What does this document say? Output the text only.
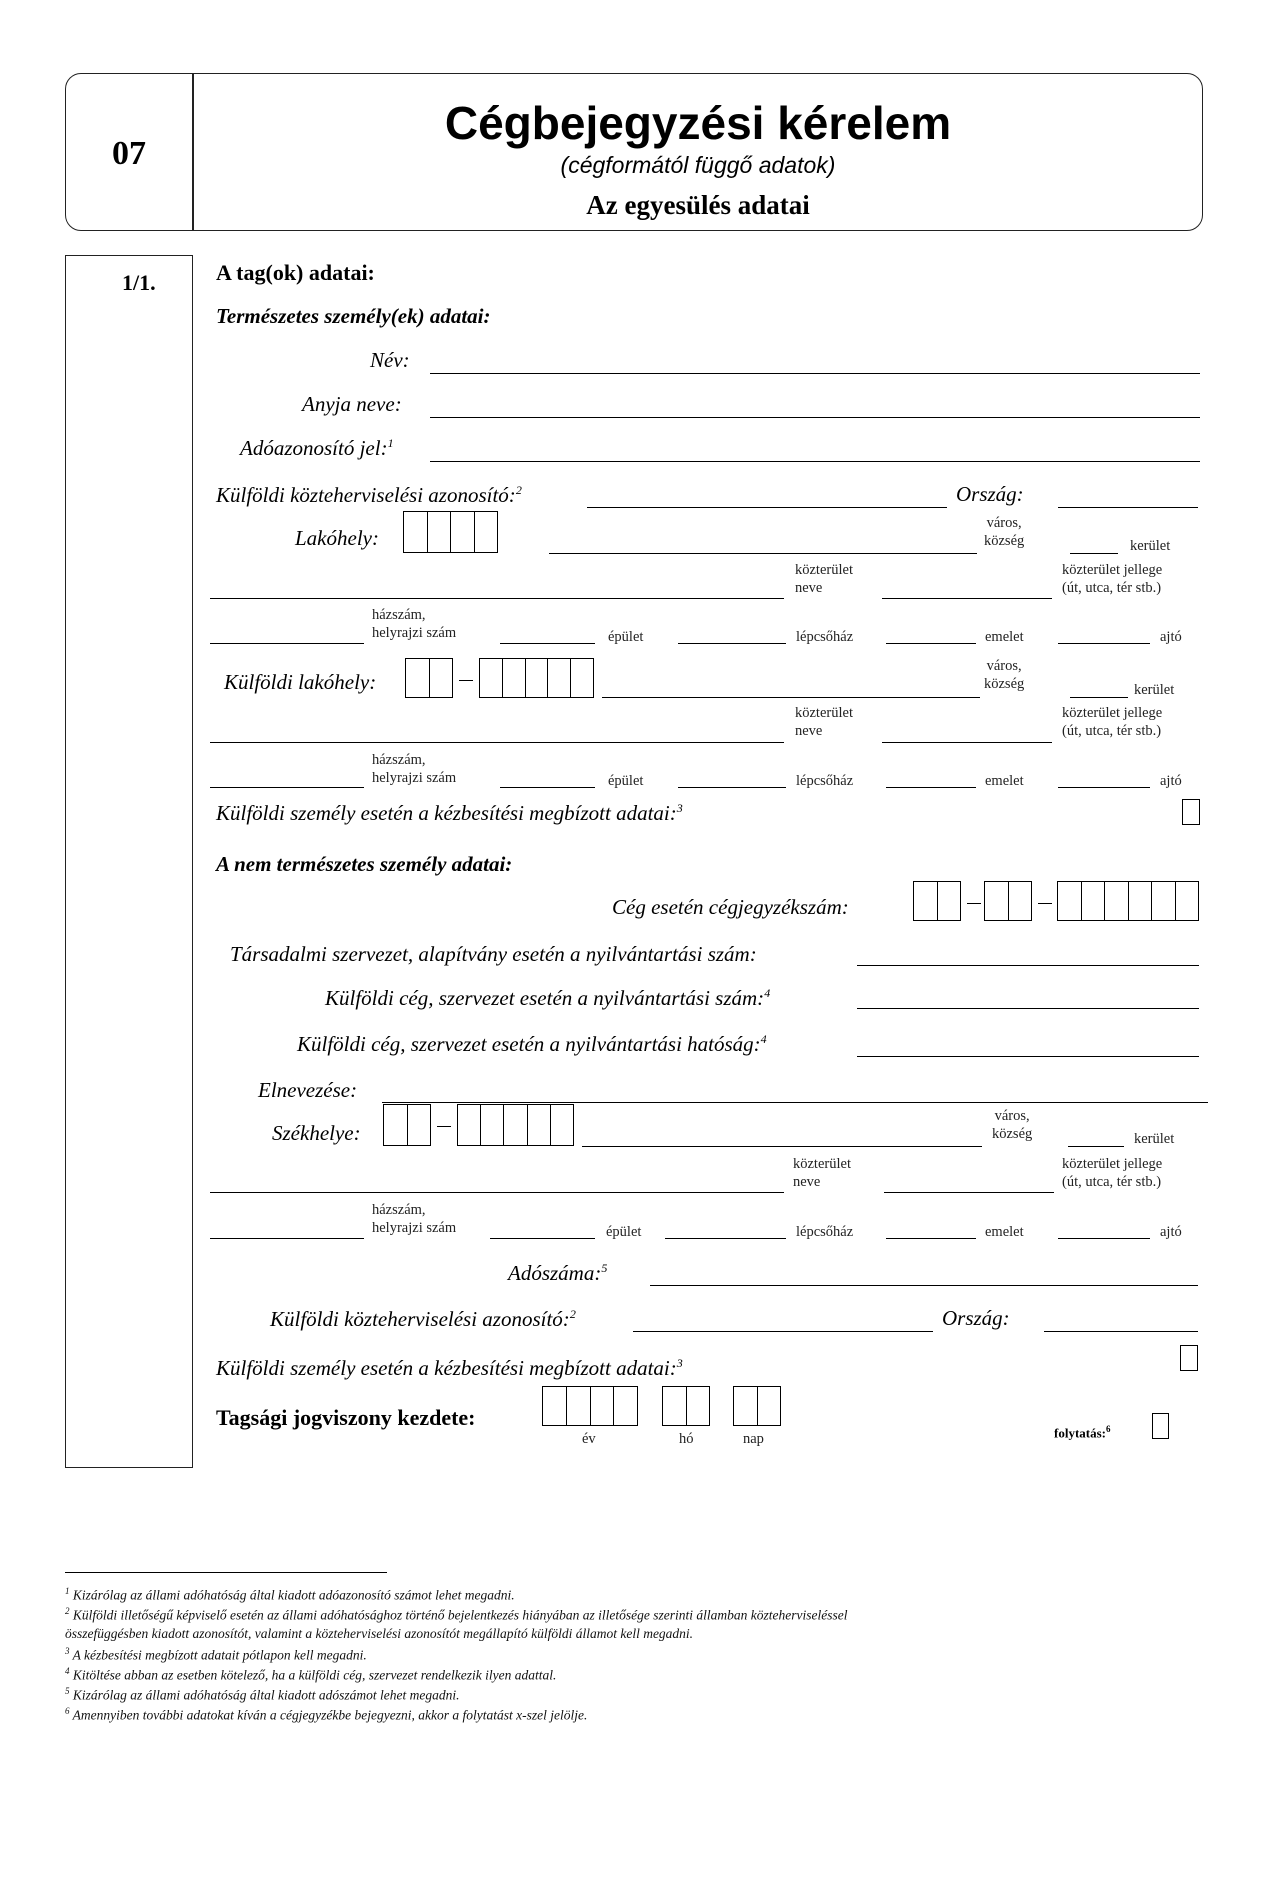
07
Cégbejegyzési kérelem
(cégformától függő adatok)
Az egyesülés adatai
1/1.	A tag(ok) adatai:
Természetes személy(ek) adatai:
Név:
Anyja neve:
Adóazonosító jel:$^1$
Külföldi közteherviselési azonosító:$^2$	Ország:
Lakóhely:
város,
község	kerület
közterület
neve
közterület jellege
(út, utca, tér stb.)
házszám,
helyrajzi szám	épület	lépcsőház	emelet	ajtó
Külföldi lakóhely:
város,
község	kerület
közterület
neve
közterület jellege
(út, utca, tér stb.)
házszám,
helyrajzi szám	épület	lépcsőház	emelet	ajtó
Külföldi személy esetén a kézbesítési megbízott adatai:$^3$
A nem természetes személy adatai:
Cég esetén cégjegyzékszám:
Társadalmi szervezet, alapítvány esetén a nyilvántartási szám:
Külföldi cég, szervezet esetén a nyilvántartási szám:$^4$
Külföldi cég, szervezet esetén a nyilvántartási hatóság:$^4$
Elnevezése:
Székhelye:
város,
község	kerület
közterület
neve
közterület jellege
(út, utca, tér stb.)
házszám,
helyrajzi szám	épület	lépcsőház	emelet	ajtó
Adószáma:$^5$
Külföldi közteherviselési azonosító:$^2$	Ország:
Külföldi személy esetén a kézbesítési megbízott adatai:$^3$
Tagsági jogviszony kezdete:
év	hó	nap	folytatás:$^6$
$^1$ Kizárólag az állami adóhatóság által kiadott adóazonosító számot lehet megadni.
$^2$ Külföldi illetőségű képviselő esetén az állami adóhatósághoz történő bejelentkezés hiányában az illetősége szerinti államban közteherviseléssel
összefüggésben kiadott azonosítót, valamint a közteherviselési azonosítót megállapító külföldi államot kell megadni.
$^3$ A kézbesítési megbízott adatait pótlapon kell megadni.
$^4$ Kitöltése abban az esetben kötelező, ha a külföldi cég, szervezet rendelkezik ilyen adattal.
$^5$ Kizárólag az állami adóhatóság által kiadott adószámot lehet megadni.
$^6$ Amennyiben további adatokat kíván a cégjegyzékbe bejegyezni, akkor a folytatást x-szel jelölje.
